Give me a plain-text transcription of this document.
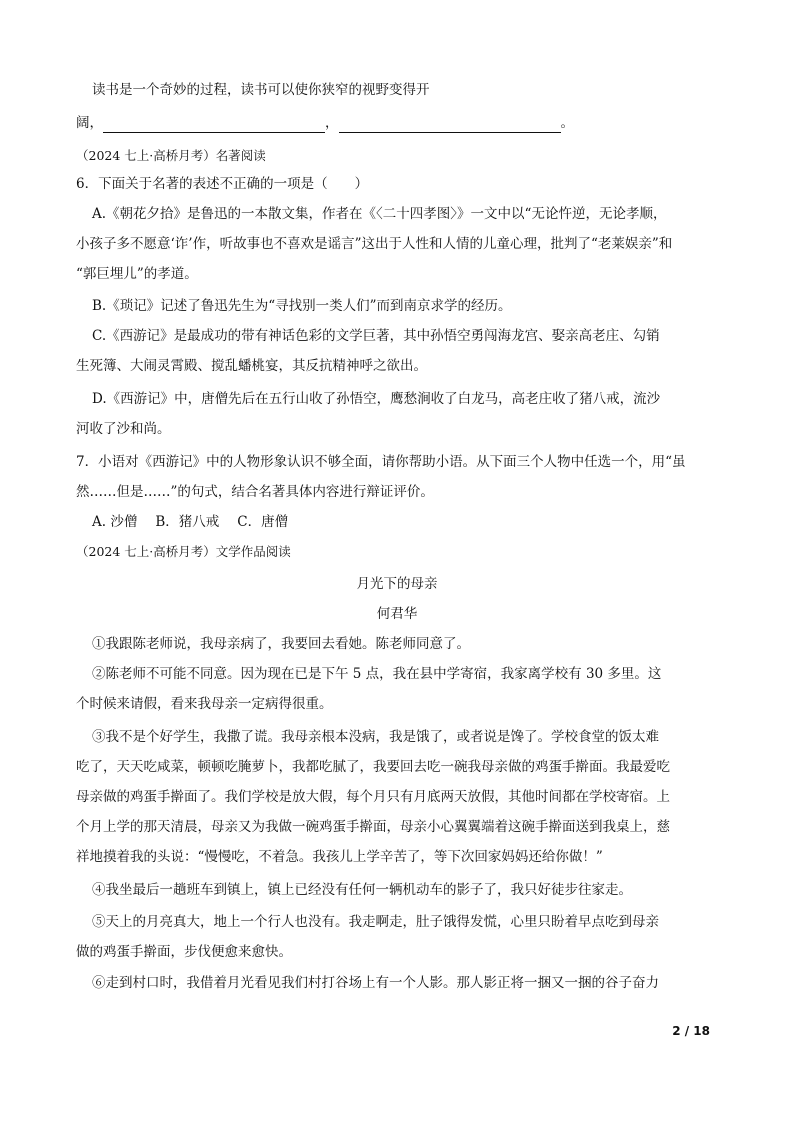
读书是一个奇妙的过程，读书可以使你狭窄的视野变得开
阔，	，	。
（2024 七上·高桥月考）名著阅读
6．下面关于名著的表述不正确的一项是（　　）
A.《朝花夕拾》是鲁迅的一本散文集，作者在《〈二十四孝图〉》一文中以“无论忤逆，无论孝顺，
小孩子多不愿意‘诈’作，听故事也不喜欢是谣言”这出于人性和人情的儿童心理，批判了“老莱娱亲”和
“郭巨埋儿”的孝道。
B.《琐记》记述了鲁迅先生为“寻找别一类人们”而到南京求学的经历。
C.《西游记》是最成功的带有神话色彩的文学巨著，其中孙悟空勇闯海龙宫、娶亲高老庄、勾销
生死簿、大闹灵霄殿、搅乱蟠桃宴，其反抗精神呼之欲出。
D.《西游记》中，唐僧先后在五行山收了孙悟空，鹰愁涧收了白龙马，高老庄收了猪八戒，流沙
河收了沙和尚。
7．小语对《西游记》中的人物形象认识不够全面，请你帮助小语。从下面三个人物中任选一个，用“虽
然……但是……”的句式，结合名著具体内容进行辩证评价。
A. 沙僧 B．猪八戒 C．唐僧
（2024 七上·高桥月考）文学作品阅读
月光下的母亲
何君华
①我跟陈老师说，我母亲病了，我要回去看她。陈老师同意了。
②陈老师不可能不同意。因为现在已是下午 5 点，我在县中学寄宿，我家离学校有 30 多里。这
个时候来请假，看来我母亲一定病得很重。
③我不是个好学生，我撒了谎。我母亲根本没病，我是饿了，或者说是馋了。学校食堂的饭太难
吃了，天天吃咸菜，顿顿吃腌萝卜，我都吃腻了，我要回去吃一碗我母亲做的鸡蛋手擀面。我最爱吃
母亲做的鸡蛋手擀面了。我们学校是放大假，每个月只有月底两天放假，其他时间都在学校寄宿。上
个月上学的那天清晨，母亲又为我做一碗鸡蛋手擀面，母亲小心翼翼端着这碗手擀面送到我桌上，慈
祥地摸着我的头说：“慢慢吃，不着急。我孩儿上学辛苦了，等下次回家妈妈还给你做！”
④我坐最后一趟班车到镇上，镇上已经没有任何一辆机动车的影子了，我只好徒步往家走。
⑤天上的月亮真大，地上一个行人也没有。我走啊走，肚子饿得发慌，心里只盼着早点吃到母亲
做的鸡蛋手擀面，步伐便愈来愈快。
⑥走到村口时，我借着月光看见我们村打谷场上有一个人影。那人影正将一捆又一捆的谷子奋力
2 / 18
